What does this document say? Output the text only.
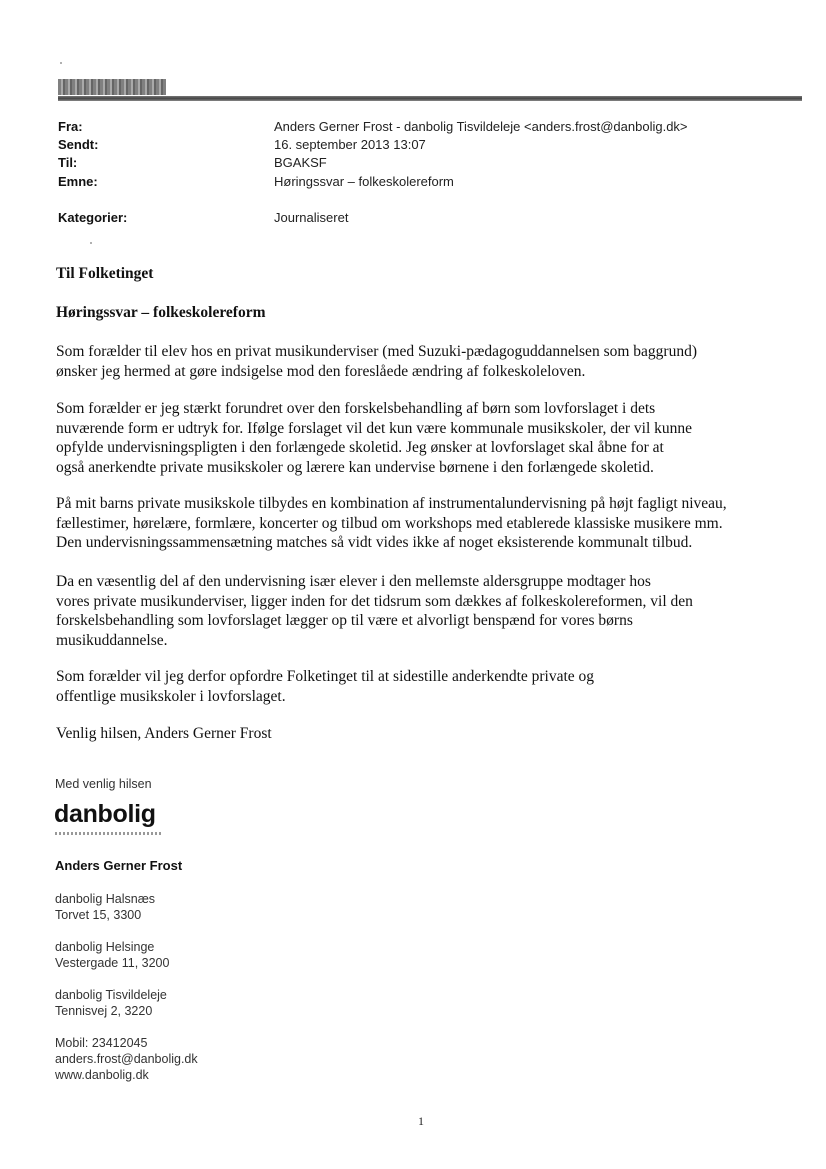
Fra:	Anders Gerner Frost - danbolig Tisvildeleje <anders.frost@danbolig.dk>
Sendt:	16. september 2013 13:07
Til:	BGAKSF
Emne:	Høringssvar – folkeskolereform
Kategorier:	Journaliseret
Til Folketinget
Høringssvar – folkeskolereform

Som forælder til elev hos en privat musikunderviser (med Suzuki-pædagoguddannelsen som baggrund)
ønsker jeg hermed at gøre indsigelse mod den foreslåede ændring af folkeskoleloven.

Som forælder er jeg stærkt forundret over den forskelsbehandling af børn som lovforslaget i dets
nuværende form er udtryk for. Ifølge forslaget vil det kun være kommunale musikskoler, der vil kunne
opfylde undervisningspligten i den forlængede skoletid. Jeg ønsker at lovforslaget skal åbne for at
også anerkendte private musikskoler og lærere kan undervise børnene i den forlængede skoletid.

På mit barns private musikskole tilbydes en kombination af instrumentalundervisning på højt fagligt niveau,
fællestimer, hørelære, formlære, koncerter og tilbud om workshops med etablerede klassiske musikere mm.
Den undervisningssammensætning matches så vidt vides ikke af noget eksisterende kommunalt tilbud.

Da en væsentlig del af den undervisning især elever i den mellemste aldersgruppe modtager hos
vores private musikunderviser, ligger inden for det tidsrum som dækkes af folkeskolereformen, vil den
forskelsbehandling som lovforslaget lægger op til være et alvorligt benspænd for vores børns
musikuddannelse.

Som forælder vil jeg derfor opfordre Folketinget til at sidestille anderkendte private og
offentlige musikskoler i lovforslaget.

Venlig hilsen, Anders Gerner Frost

Med venlig hilsen
danbolig
Anders Gerner Frost
danbolig Halsnæs
Torvet 15, 3300
danbolig Helsinge
Vestergade 11, 3200
danbolig Tisvildeleje
Tennisvej 2, 3220
Mobil: 23412045
anders.frost@danbolig.dk
www.danbolig.dk
1
